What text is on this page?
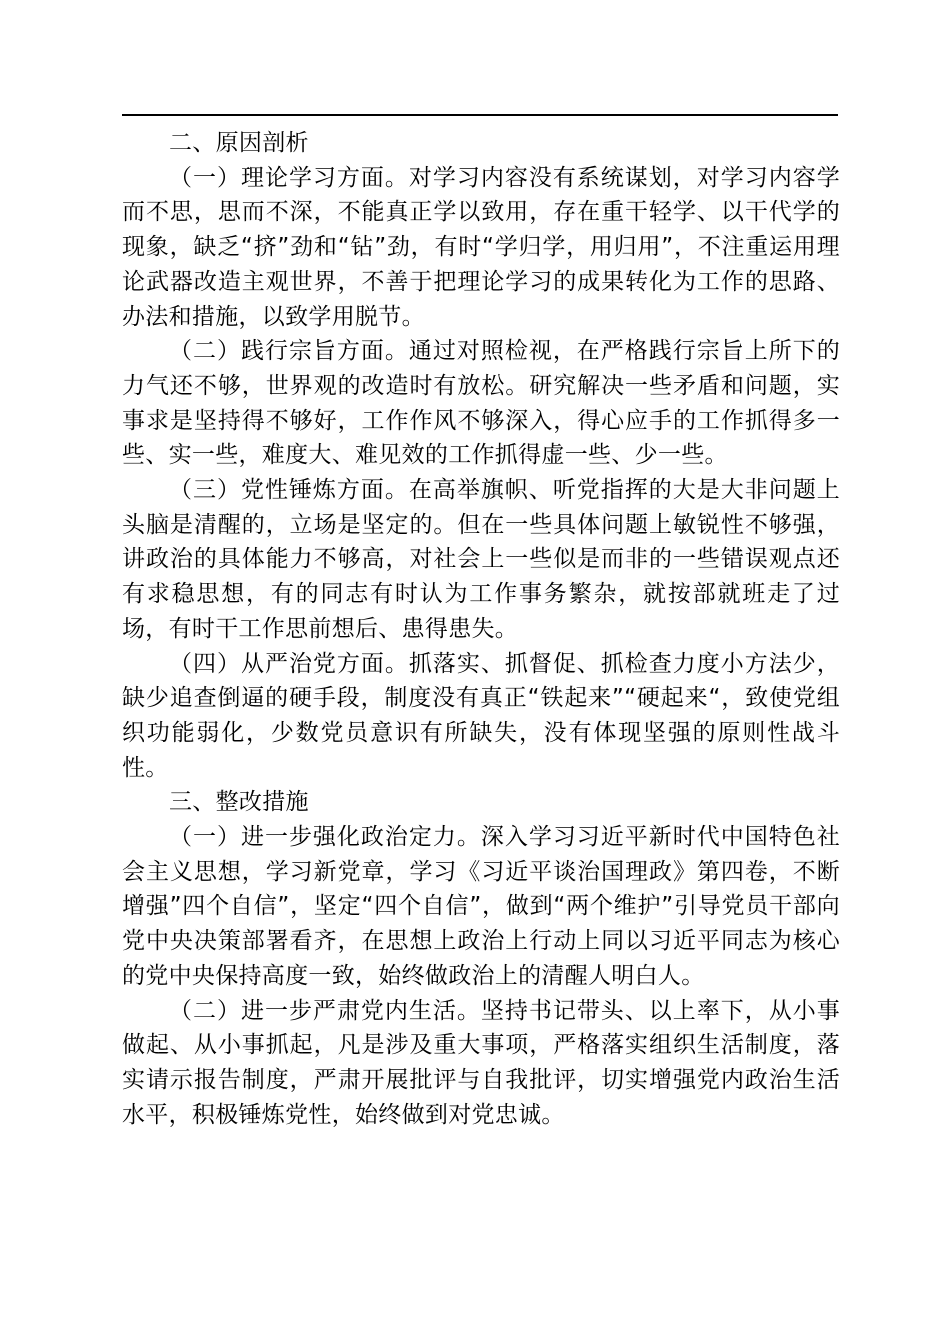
二、原因剖析

（一）理论学习方面。对学习内容没有系统谋划，对学习内容学而不思，思而不深，不能真正学以致用，存在重干轻学、以干代学的现象，缺乏“挤”劲和“钻”劲，有时“学归学，用归用”，不注重运用理论武器改造主观世界，不善于把理论学习的成果转化为工作的思路、办法和措施，以致学用脱节。

（二）践行宗旨方面。通过对照检视，在严格践行宗旨上所下的力气还不够，世界观的改造时有放松。研究解决一些矛盾和问题，实事求是坚持得不够好，工作作风不够深入，得心应手的工作抓得多一些、实一些，难度大、难见效的工作抓得虚一些、少一些。

（三）党性锤炼方面。在高举旗帜、听党指挥的大是大非问题上头脑是清醒的，立场是坚定的。但在一些具体问题上敏锐性不够强，讲政治的具体能力不够高，对社会上一些似是而非的一些错误观点还有求稳思想，有的同志有时认为工作事务繁杂，就按部就班走了过场，有时干工作思前想后、患得患失。

（四）从严治党方面。抓落实、抓督促、抓检查力度小方法少，缺少追查倒逼的硬手段，制度没有真正“铁起来”“硬起来“，致使党组织功能弱化，少数党员意识有所缺失，没有体现坚强的原则性战斗性。

三、整改措施

（一）进一步强化政治定力。深入学习习近平新时代中国特色社会主义思想，学习新党章，学习《习近平谈治国理政》第四卷，不断增强”四个自信”，坚定“四个自信”，做到“两个维护”引导党员干部向党中央决策部署看齐，在思想上政治上行动上同以习近平同志为核心的党中央保持高度一致，始终做政治上的清醒人明白人。

（二）进一步严肃党内生活。坚持书记带头、以上率下，从小事做起、从小事抓起，凡是涉及重大事项，严格落实组织生活制度，落实请示报告制度，严肃开展批评与自我批评，切实增强党内政治生活水平，积极锤炼党性，始终做到对党忠诚。
